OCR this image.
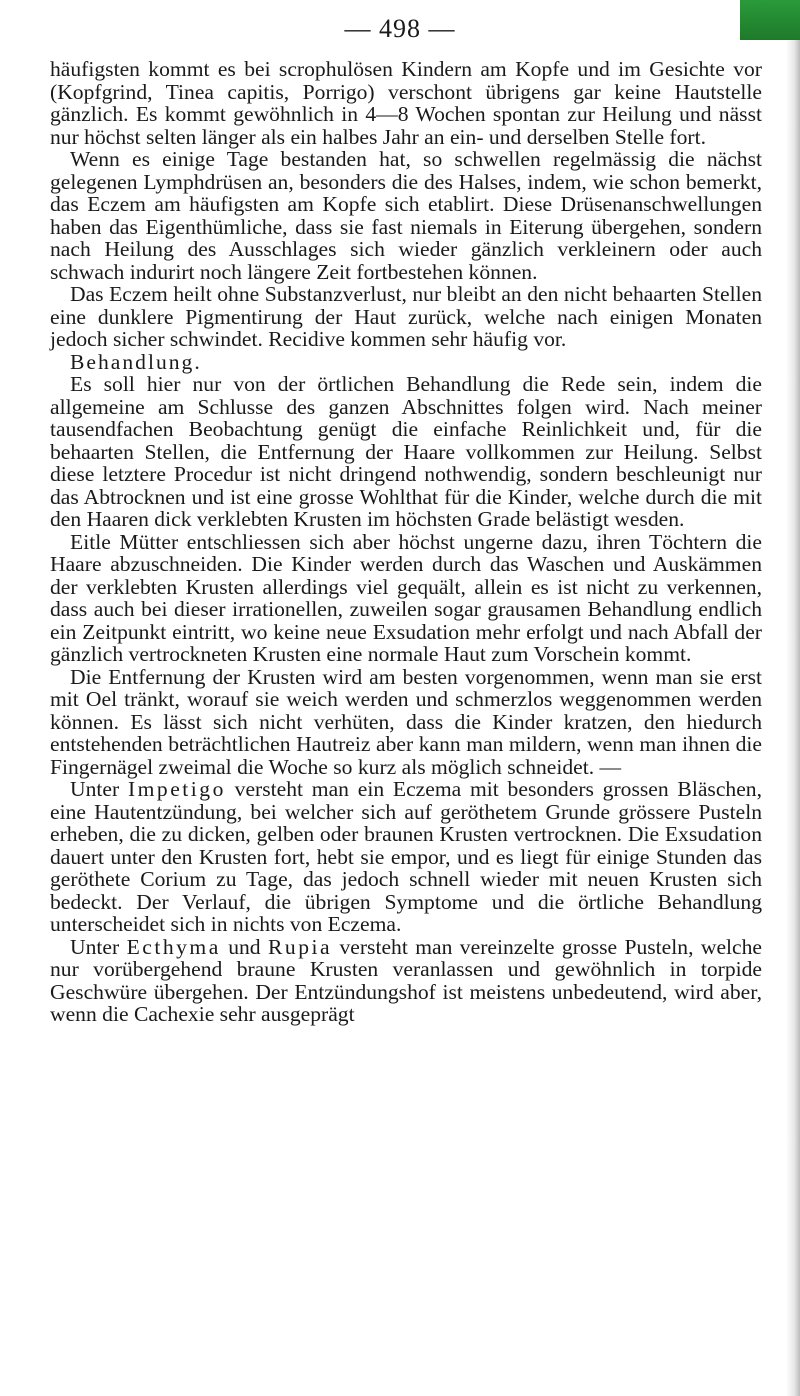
— 498 —

häufigsten kommt es bei scrophulösen Kindern am Kopfe und im Gesichte vor (Kopfgrind, Tinea capitis, Porrigo) verschont übrigens gar keine Hautstelle gänzlich. Es kommt gewöhnlich in 4—8 Wochen spontan zur Heilung und nässt nur höchst selten länger als ein halbes Jahr an ein- und derselben Stelle fort.

Wenn es einige Tage bestanden hat, so schwellen regelmässig die nächst gelegenen Lymphdrüsen an, besonders die des Halses, indem, wie schon bemerkt, das Eczem am häufigsten am Kopfe sich etablirt. Diese Drüsenanschwellungen haben das Eigenthümliche, dass sie fast niemals in Eiterung übergehen, sondern nach Heilung des Ausschlages sich wieder gänzlich verkleinern oder auch schwach indurirt noch längere Zeit fortbestehen können.

Das Eczem heilt ohne Substanzverlust, nur bleibt an den nicht behaarten Stellen eine dunklere Pigmentirung der Haut zurück, welche nach einigen Monaten jedoch sicher schwindet. Recidive kommen sehr häufig vor.

Behandlung.

Es soll hier nur von der örtlichen Behandlung die Rede sein, indem die allgemeine am Schlusse des ganzen Abschnittes folgen wird. Nach meiner tausendfachen Beobachtung genügt die einfache Reinlichkeit und, für die behaarten Stellen, die Entfernung der Haare vollkommen zur Heilung. Selbst diese letztere Procedur ist nicht dringend nothwendig, sondern beschleunigt nur das Abtrocknen und ist eine grosse Wohlthat für die Kinder, welche durch die mit den Haaren dick verklebten Krusten im höchsten Grade belästigt wesden.

Eitle Mütter entschliessen sich aber höchst ungerne dazu, ihren Töchtern die Haare abzuschneiden. Die Kinder werden durch das Waschen und Auskämmen der verklebten Krusten allerdings viel gequält, allein es ist nicht zu verkennen, dass auch bei dieser irrationellen, zuweilen sogar grausamen Behandlung endlich ein Zeitpunkt eintritt, wo keine neue Exsudation mehr erfolgt und nach Abfall der gänzlich vertrockneten Krusten eine normale Haut zum Vorschein kommt.

Die Entfernung der Krusten wird am besten vorgenommen, wenn man sie erst mit Oel tränkt, worauf sie weich werden und schmerzlos weggenommen werden können. Es lässt sich nicht verhüten, dass die Kinder kratzen, den hiedurch entstehenden beträchtlichen Hautreiz aber kann man mildern, wenn man ihnen die Fingernägel zweimal die Woche so kurz als möglich schneidet. —

Unter Impetigo versteht man ein Eczema mit besonders grossen Bläschen, eine Hautentzündung, bei welcher sich auf geröthetem Grunde grössere Pusteln erheben, die zu dicken, gelben oder braunen Krusten vertrocknen. Die Exsudation dauert unter den Krusten fort, hebt sie empor, und es liegt für einige Stunden das geröthete Corium zu Tage, das jedoch schnell wieder mit neuen Krusten sich bedeckt. Der Verlauf, die übrigen Symptome und die örtliche Behandlung unterscheidet sich in nichts von Eczema.

Unter Ecthyma und Rupia versteht man vereinzelte grosse Pusteln, welche nur vorübergehend braune Krusten veranlassen und gewöhnlich in torpide Geschwüre übergehen. Der Entzündungshof ist meistens unbedeutend, wird aber, wenn die Cachexie sehr ausgeprägt
